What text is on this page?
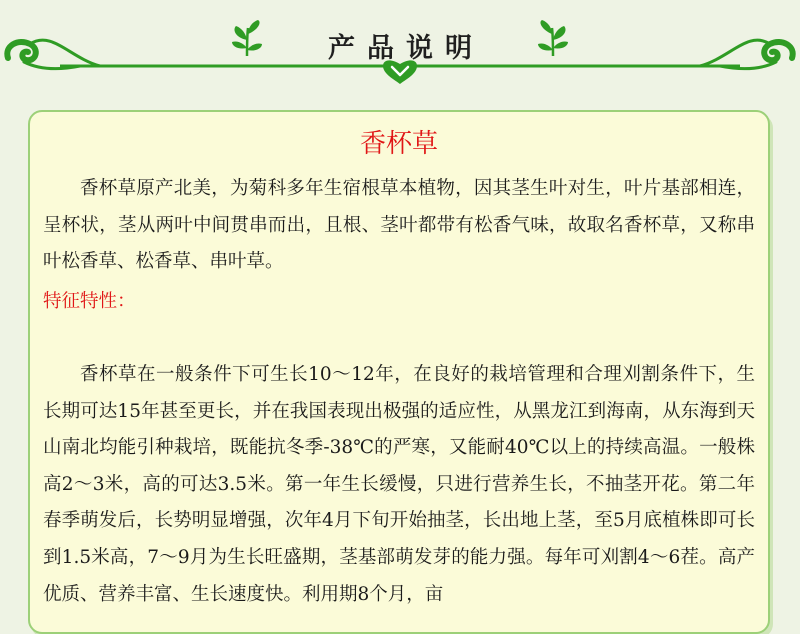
产品说明
香杯草

香杯草原产北美，为菊科多年生宿根草本植物，因其茎生叶对生，叶片基部相连，呈杯状，茎从两叶中间贯串而出，且根、茎叶都带有松香气味，故取名香杯草，又称串叶松香草、松香草、串叶草。

特征特性：

香杯草在一般条件下可生长10～12年，在良好的栽培管理和合理刈割条件下，生长期可达15年甚至更长，并在我国表现出极强的适应性，从黑龙江到海南，从东海到天山南北均能引种栽培，既能抗冬季-38℃的严寒，又能耐40℃以上的持续高温。一般株高2～3米，高的可达3.5米。第一年生长缓慢，只进行营养生长，不抽茎开花。第二年春季萌发后，长势明显增强，次年4月下旬开始抽茎，长出地上茎，至5月底植株即可长到1.5米高，7～9月为生长旺盛期，茎基部萌发芽的能力强。每年可刈割4～6茬。高产优质、营养丰富、生长速度快。利用期8个月，亩
